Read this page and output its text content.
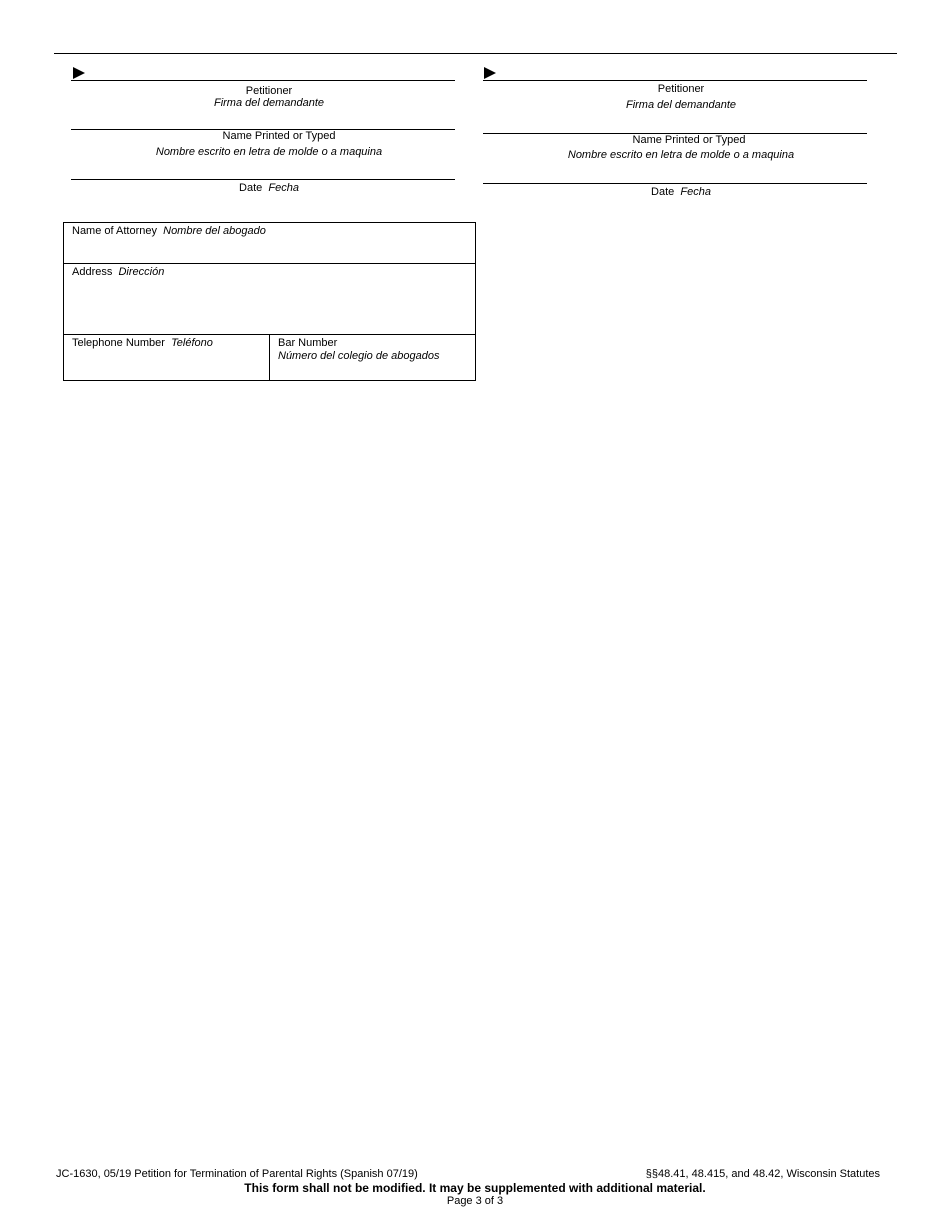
Petitioner
Firma del demandante
Name Printed or Typed
Nombre escrito en letra de molde o a maquina
Date Fecha
Petitioner
Firma del demandante
Name Printed or Typed
Nombre escrito en letra de molde o a maquina
Date Fecha
Name of Attorney Nombre del abogado
Address Dirección
Telephone Number Teléfono	Bar Number
Número del colegio de abogados
JC-1630, 05/19 Petition for Termination of Parental Rights (Spanish 07/19)	§§48.41, 48.415, and 48.42, Wisconsin Statutes
This form shall not be modified. It may be supplemented with additional material.
Page 3 of 3
